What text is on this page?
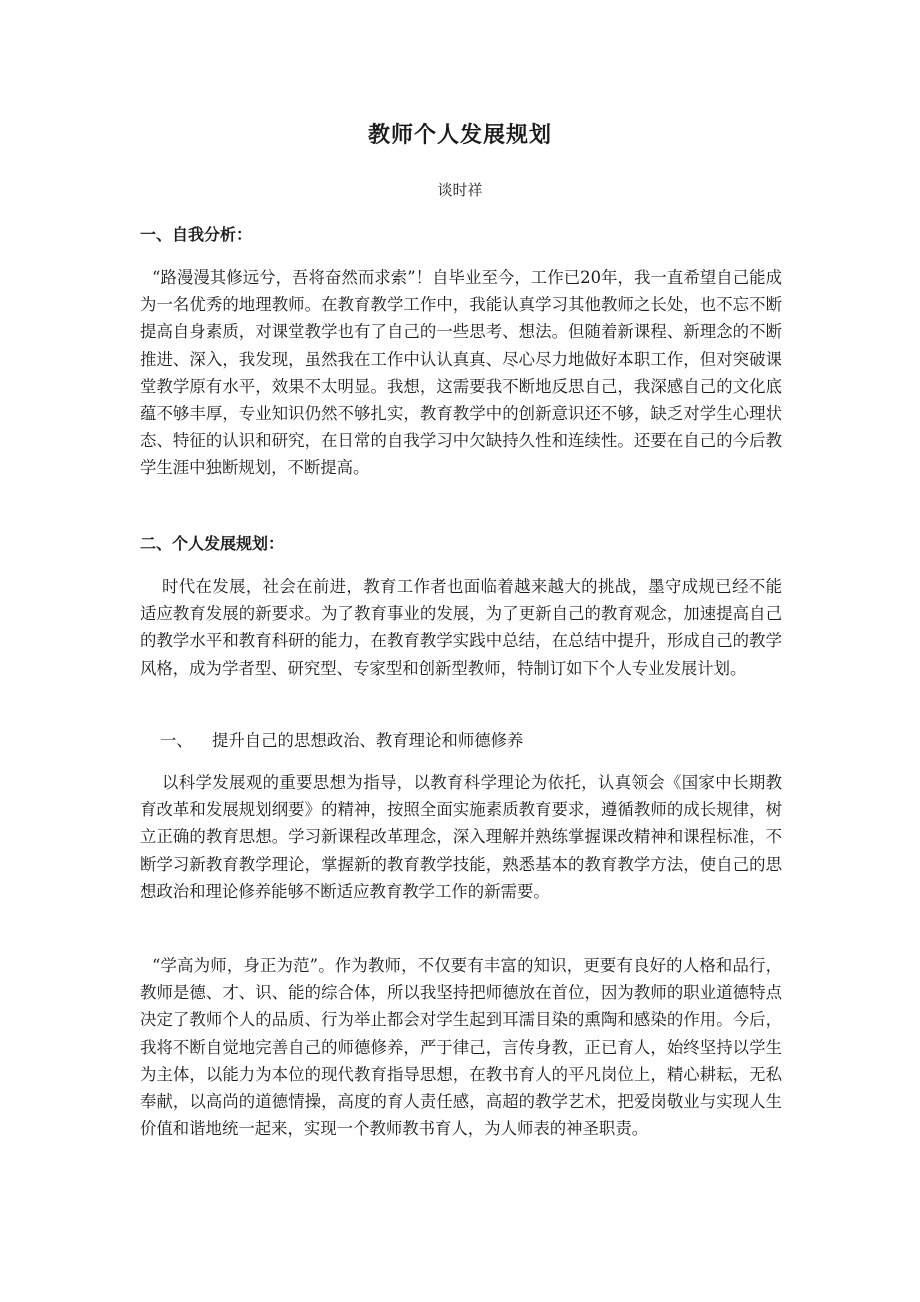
教师个人发展规划
谈时祥
一、自我分析：
“路漫漫其修远兮，吾将奋然而求索”！自毕业至今，工作已20年，我一直希望自己能成为一名优秀的地理教师。在教育教学工作中，我能认真学习其他教师之长处，也不忘不断提高自身素质，对课堂教学也有了自己的一些思考、想法。但随着新课程、新理念的不断推进、深入，我发现，虽然我在工作中认认真真、尽心尽力地做好本职工作，但对突破课堂教学原有水平，效果不太明显。我想，这需要我不断地反思自己，我深感自己的文化底蕴不够丰厚，专业知识仍然不够扎实，教育教学中的创新意识还不够，缺乏对学生心理状态、特征的认识和研究，在日常的自我学习中欠缺持久性和连续性。还要在自己的今后教学生涯中独断规划，不断提高。
二、个人发展规划：
时代在发展，社会在前进，教育工作者也面临着越来越大的挑战，墨守成规已经不能适应教育发展的新要求。为了教育事业的发展，为了更新自己的教育观念，加速提高自己的教学水平和教育科研的能力，在教育教学实践中总结，在总结中提升，形成自己的教学风格，成为学者型、研究型、专家型和创新型教师，特制订如下个人专业发展计划。
一、 提升自己的思想政治、教育理论和师德修养
以科学发展观的重要思想为指导，以教育科学理论为依托，认真领会《国家中长期教育改革和发展规划纲要》的精神，按照全面实施素质教育要求，遵循教师的成长规律，树立正确的教育思想。学习新课程改革理念，深入理解并熟练掌握课改精神和课程标准，不断学习新教育教学理论，掌握新的教育教学技能，熟悉基本的教育教学方法，使自己的思想政治和理论修养能够不断适应教育教学工作的新需要。
“学高为师，身正为范”。作为教师，不仅要有丰富的知识，更要有良好的人格和品行，教师是德、才、识、能的综合体，所以我坚持把师德放在首位，因为教师的职业道德特点决定了教师个人的品质、行为举止都会对学生起到耳濡目染的熏陶和感染的作用。今后，我将不断自觉地完善自己的师德修养，严于律己，言传身教，正已育人，始终坚持以学生为主体，以能力为本位的现代教育指导思想，在教书育人的平凡岗位上，精心耕耘，无私奉献，以高尚的道德情操，高度的育人责任感，高超的教学艺术，把爱岗敬业与实现人生价值和谐地统一起来，实现一个教师教书育人，为人师表的神圣职责。
